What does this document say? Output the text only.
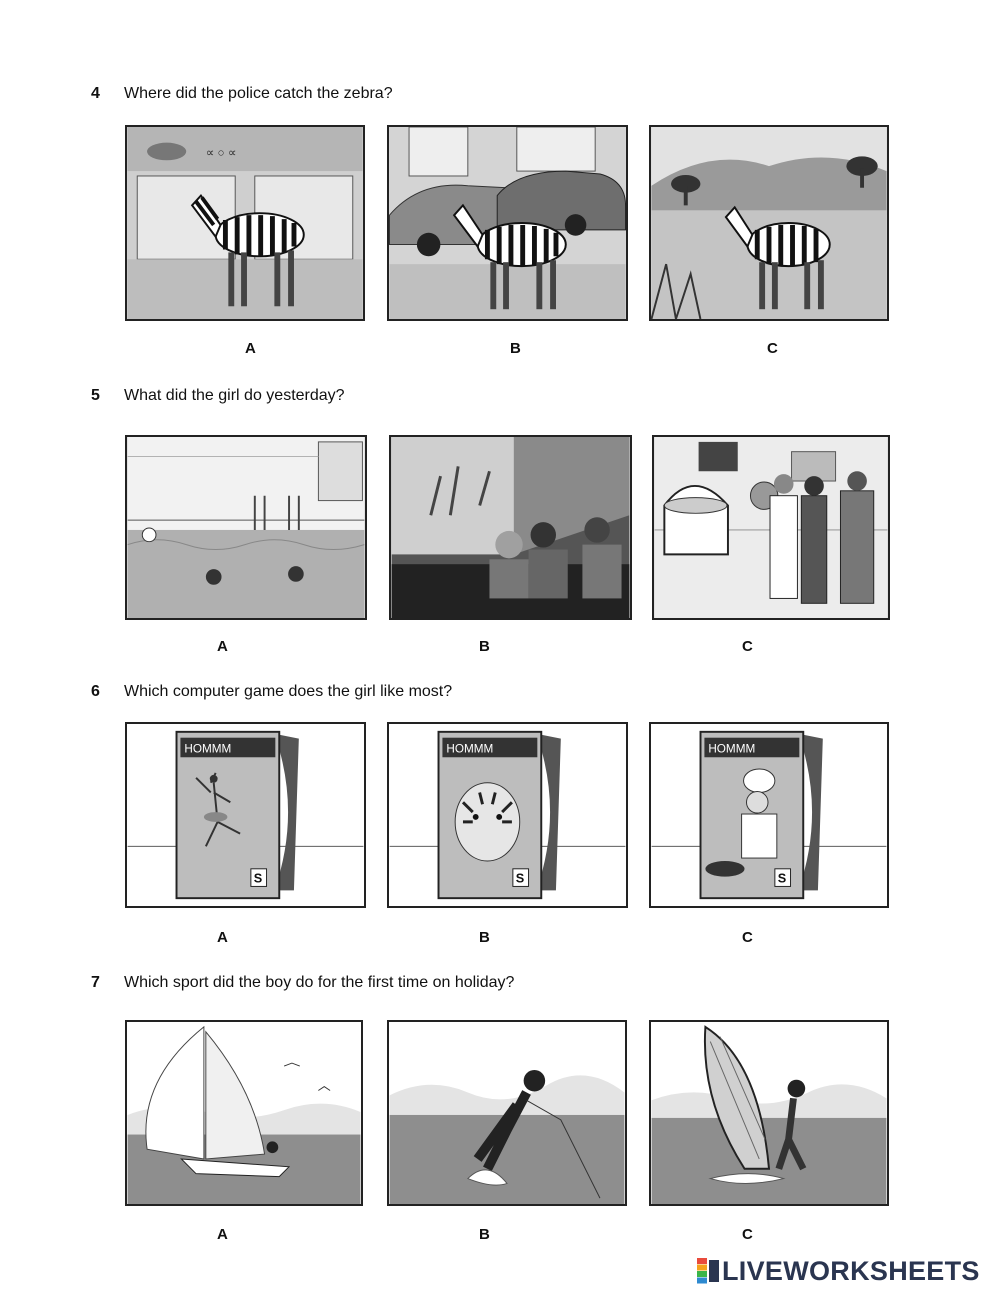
4 Where did the police catch the zebra?
∝ ○ ∝
A	B	C
5 What did the girl do yesterday?
A	B	C
6 Which computer game does the girl like most?
HOMMM
S
HOMMM
S
HOMMM
S
A	B	C
7 Which sport did the boy do for the first time on holiday?
A	B	C
LIVEWORKSHEETS
